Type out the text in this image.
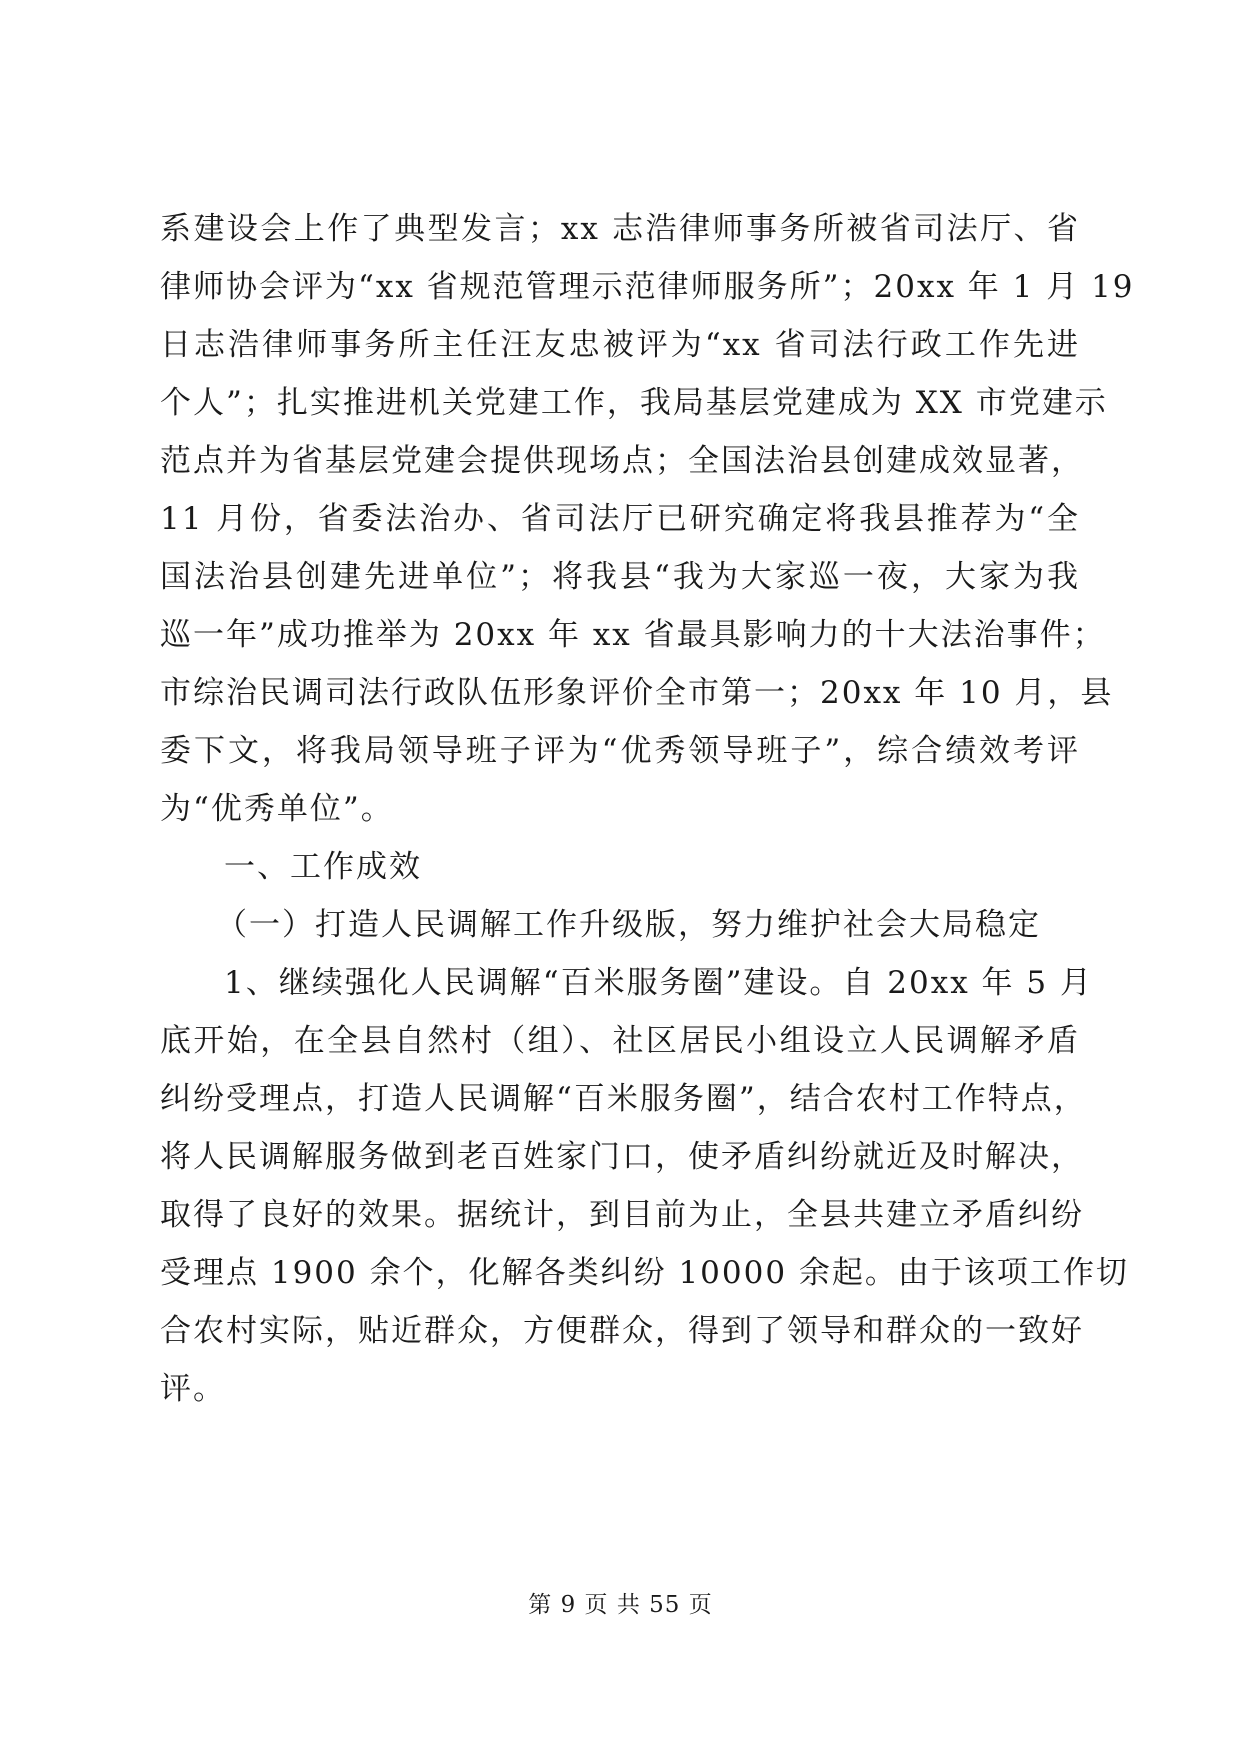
系建设会上作了典型发言；xx 志浩律师事务所被省司法厅、省
律师协会评为“xx 省规范管理示范律师服务所”；20xx 年 1 月 19
日志浩律师事务所主任汪友忠被评为“xx 省司法行政工作先进
个人”；扎实推进机关党建工作，我局基层党建成为 XX 市党建示
范点并为省基层党建会提供现场点；全国法治县创建成效显著，
11 月份，省委法治办、省司法厅已研究确定将我县推荐为“全
国法治县创建先进单位”；将我县“我为大家巡一夜，大家为我
巡一年”成功推举为 20xx 年 xx 省最具影响力的十大法治事件；
市综治民调司法行政队伍形象评价全市第一；20xx 年 10 月，县
委下文，将我局领导班子评为“优秀领导班子”，综合绩效考评
为“优秀单位”。
一、工作成效
（一）打造人民调解工作升级版，努力维护社会大局稳定
1、继续强化人民调解“百米服务圈”建设。自 20xx 年 5 月
底开始，在全县自然村（组）、社区居民小组设立人民调解矛盾
纠纷受理点，打造人民调解“百米服务圈”，结合农村工作特点，
将人民调解服务做到老百姓家门口，使矛盾纠纷就近及时解决，
取得了良好的效果。据统计，到目前为止，全县共建立矛盾纠纷
受理点 1900 余个，化解各类纠纷 10000 余起。由于该项工作切
合农村实际，贴近群众，方便群众，得到了领导和群众的一致好
评。
第 9 页 共 55 页
